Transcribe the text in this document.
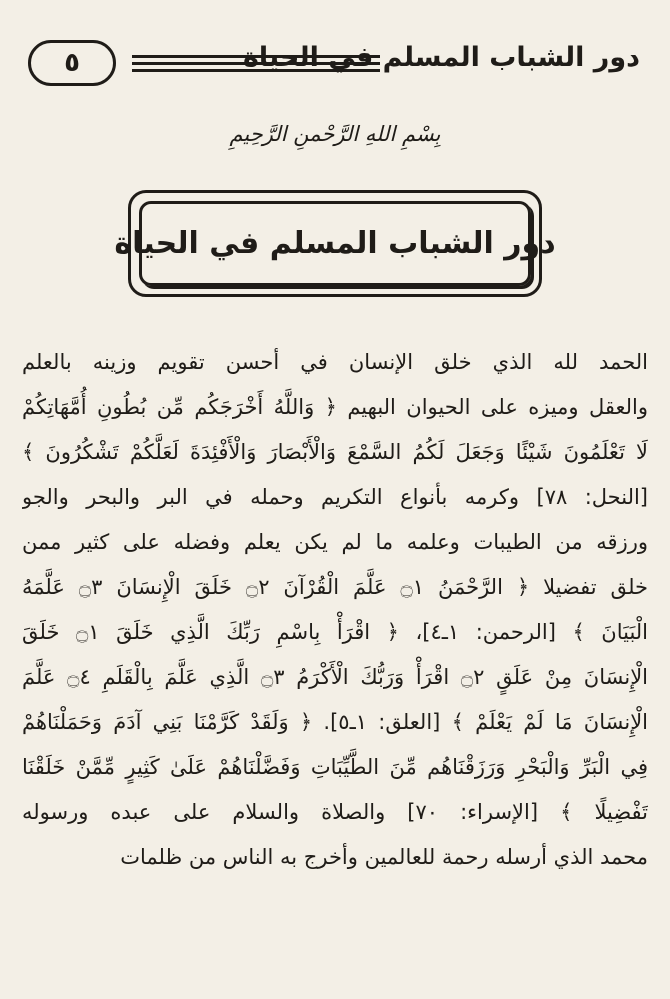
٥	دور الشباب المسلم في الحياة
بِسْمِ اللهِ الرَّحْمنِ الرَّحِيمِ
دور الشباب المسلم في الحياة
الحمد لله الذي خلق الإنسان في أحسن تقويم وزينه بالعلم
والعقل وميزه على الحيوان البهيم ﴿ وَاللَّهُ أَخْرَجَكُم مِّن بُطُونِ أُمَّهَاتِكُمْ
لَا تَعْلَمُونَ شَيْئًا وَجَعَلَ لَكُمُ السَّمْعَ وَالْأَبْصَارَ وَالْأَفْئِدَةَ لَعَلَّكُمْ تَشْكُرُونَ ﴾
[النحل: ٧٨] وكرمه بأنواع التكريم وحمله في البر والبحر والجو
ورزقه من الطيبات وعلمه ما لم يكن يعلم وفضله على كثير ممن
خلق تفضيلا ﴿ الرَّحْمَنُ ۝١ عَلَّمَ الْقُرْآنَ ۝٢ خَلَقَ الْإِنسَانَ ۝٣ عَلَّمَهُ
الْبَيَانَ ﴾ [الرحمن: ١ـ٤]، ﴿ اقْرَأْ بِاسْمِ رَبِّكَ الَّذِي خَلَقَ ۝١ خَلَقَ
الْإِنسَانَ مِنْ عَلَقٍ ۝٢ اقْرَأْ وَرَبُّكَ الْأَكْرَمُ ۝٣ الَّذِي عَلَّمَ بِالْقَلَمِ ۝٤ عَلَّمَ
الْإِنسَانَ مَا لَمْ يَعْلَمْ ﴾ [العلق: ١ـ٥]. ﴿ وَلَقَدْ كَرَّمْنَا بَنِي آدَمَ وَحَمَلْنَاهُمْ
فِي الْبَرِّ وَالْبَحْرِ وَرَزَقْنَاهُم مِّنَ الطَّيِّبَاتِ وَفَضَّلْنَاهُمْ عَلَىٰ كَثِيرٍ مِّمَّنْ خَلَقْنَا
تَفْضِيلًا ﴾ [الإسراء: ٧٠] والصلاة والسلام على عبده ورسوله
محمد الذي أرسله رحمة للعالمين وأخرج به الناس من ظلمات
